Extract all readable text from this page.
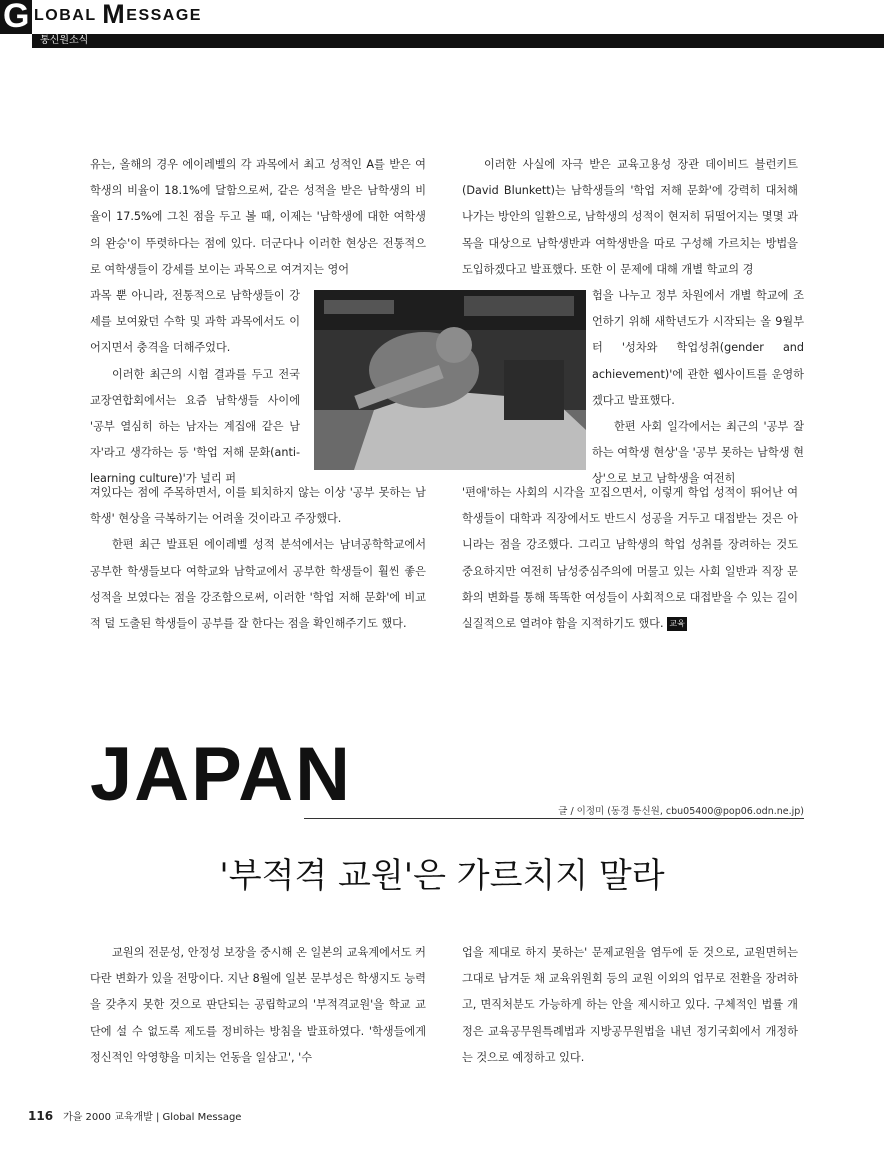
G LOBAL MESSAGE
통신원소식

유는, 올해의 경우 에이레벨의 각 과목에서 최고 성적인 A를 받은 여학생의 비율이 18.1%에 달함으로써, 같은 성적을 받은 남학생의 비율이 17.5%에 그친 점을 두고 볼 때, 이제는 '남학생에 대한 여학생의 완승'이 뚜렷하다는 점에 있다. 더군다나 이러한 현상은 전통적으로 여학생들이 강세를 보이는 과목으로 여겨지는 영어

과목 뿐 아니라, 전통적으로 남학생들이 강세를 보여왔던 수학 및 과학 과목에서도 이어지면서 충격을 더해주었다.

이러한 최근의 시험 결과를 두고 전국교장연합회에서는 요즘 남학생들 사이에 '공부 열심히 하는 남자는 계집애 같은 남자'라고 생각하는 등 '학업 저해 문화(anti-learning culture)'가 널리 퍼

져있다는 점에 주목하면서, 이를 퇴치하지 않는 이상 '공부 못하는 남학생' 현상을 극복하기는 어려울 것이라고 주장했다.

한편 최근 발표된 에이레벨 성적 분석에서는 남녀공학학교에서 공부한 학생들보다 여학교와 남학교에서 공부한 학생들이 훨씬 좋은 성적을 보였다는 점을 강조함으로써, 이러한 '학업 저해 문화'에 비교적 덜 도출된 학생들이 공부를 잘 한다는 점을 확인해주기도 했다.

이러한 사실에 자극 받은 교육고용성 장관 데이비드 블런키트(David Blunkett)는 남학생들의 '학업 저해 문화'에 강력히 대처해 나가는 방안의 일환으로, 남학생의 성적이 현저히 뒤떨어지는 몇몇 과목을 대상으로 남학생반과 여학생반을 따로 구성해 가르치는 방법을 도입하겠다고 발표했다. 또한 이 문제에 대해 개별 학교의 경

험을 나누고 정부 차원에서 개별 학교에 조언하기 위해 새학년도가 시작되는 올 9월부터 '성차와 학업성취(gender and achievement)'에 관한 웹사이트를 운영하겠다고 발표했다.

한편 사회 일각에서는 최근의 '공부 잘하는 여학생 현상'을 '공부 못하는 남학생 현상'으로 보고 남학생을 여전히

'편애'하는 사회의 시각을 꼬집으면서, 이렇게 학업 성적이 뛰어난 여학생들이 대학과 직장에서도 반드시 성공을 거두고 대접받는 것은 아니라는 점을 강조했다. 그리고 남학생의 학업 성취를 장려하는 것도 중요하지만 여전히 남성중심주의에 머물고 있는 사회 일반과 직장 문화의 변화를 통해 똑똑한 여성들이 사회적으로 대접받을 수 있는 길이 실질적으로 열려야 함을 지적하기도 했다. 교육

JAPAN	글 / 이정미 (동경 통신원, cbu05400@pop06.odn.ne.jp)
'부적격 교원'은 가르치지 말라

교원의 전문성, 안정성 보장을 중시해 온 일본의 교육계에서도 커다란 변화가 있을 전망이다. 지난 8월에 일본 문부성은 학생지도 능력을 갖추지 못한 것으로 판단되는 공립학교의 '부적격교원'을 학교 교단에 설 수 없도록 제도를 정비하는 방침을 발표하였다. '학생들에게 정신적인 악영향을 미치는 언동을 일삼고', '수

업을 제대로 하지 못하는' 문제교원을 염두에 둔 것으로, 교원면허는 그대로 남겨둔 채 교육위원회 등의 교원 이외의 업무로 전환을 장려하고, 면직처분도 가능하게 하는 안을 제시하고 있다. 구체적인 법률 개정은 교육공무원특례법과 지방공무원법을 내년 정기국회에서 개정하는 것으로 예정하고 있다.

116 가을 2000 교육개발 | Global Message
